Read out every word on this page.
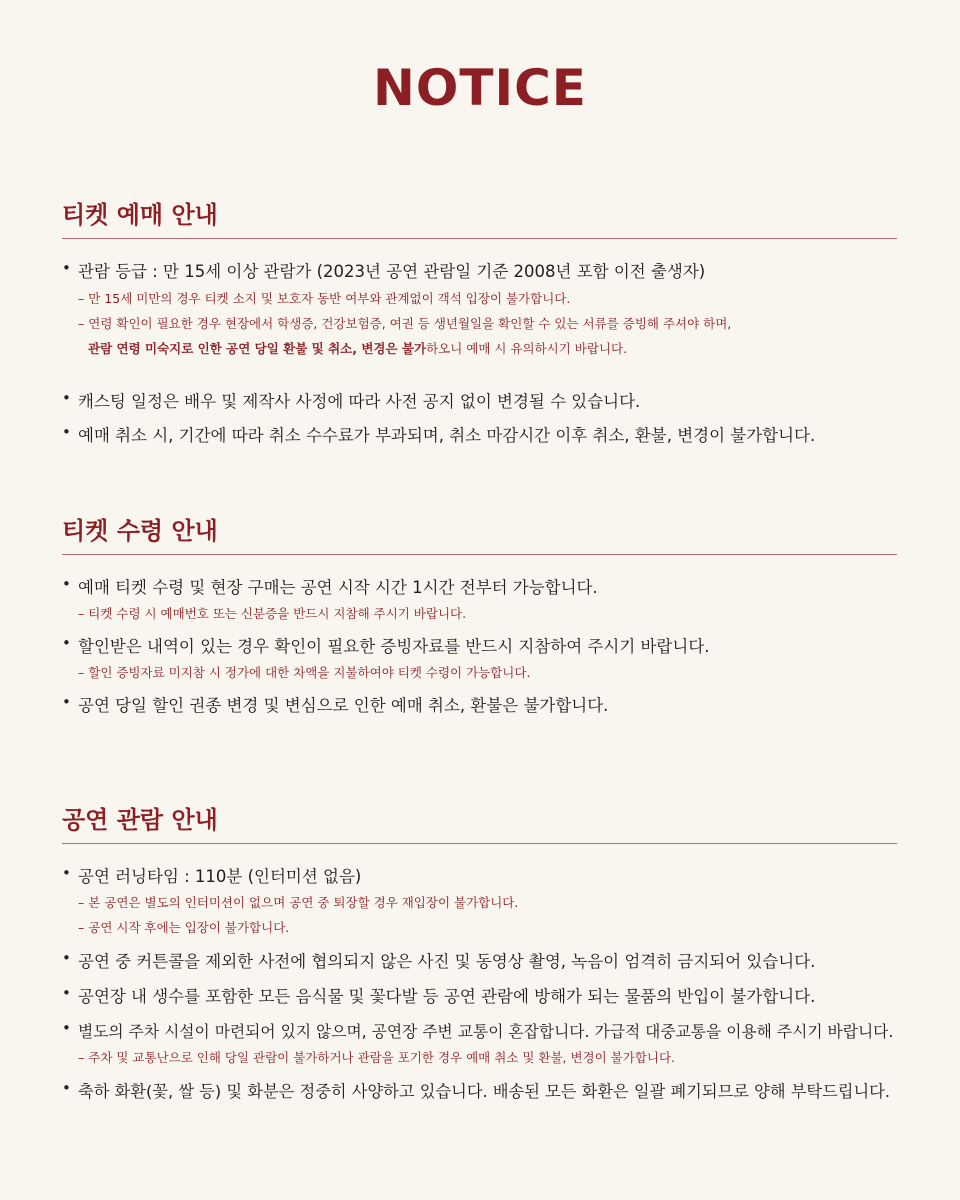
NOTICE
티켓 예매 안내
• 관람 등급 : 만 15세 이상 관람가 (2023년 공연 관람일 기준 2008년 포함 이전 출생자)
– 만 15세 미만의 경우 티켓 소지 및 보호자 동반 여부와 관계없이 객석 입장이 불가합니다.
– 연령 확인이 필요한 경우 현장에서 학생증, 건강보험증, 여권 등 생년월일을 확인할 수 있는 서류를 증빙해 주셔야 하며,
관람 연령 미숙지로 인한 공연 당일 환불 및 취소, 변경은 불가하오니 예매 시 유의하시기 바랍니다.
• 캐스팅 일정은 배우 및 제작사 사정에 따라 사전 공지 없이 변경될 수 있습니다.
• 예매 취소 시, 기간에 따라 취소 수수료가 부과되며, 취소 마감시간 이후 취소, 환불, 변경이 불가합니다.
티켓 수령 안내
• 예매 티켓 수령 및 현장 구매는 공연 시작 시간 1시간 전부터 가능합니다.
– 티켓 수령 시 예매번호 또는 신분증을 반드시 지참해 주시기 바랍니다.
• 할인받은 내역이 있는 경우 확인이 필요한 증빙자료를 반드시 지참하여 주시기 바랍니다.
– 할인 증빙자료 미지참 시 정가에 대한 차액을 지불하여야 티켓 수령이 가능합니다.
• 공연 당일 할인 권종 변경 및 변심으로 인한 예매 취소, 환불은 불가합니다.
공연 관람 안내
• 공연 러닝타임 : 110분 (인터미션 없음)
– 본 공연은 별도의 인터미션이 없으며 공연 중 퇴장할 경우 재입장이 불가합니다.
– 공연 시작 후에는 입장이 불가합니다.
• 공연 중 커튼콜을 제외한 사전에 협의되지 않은 사진 및 동영상 촬영, 녹음이 엄격히 금지되어 있습니다.
• 공연장 내 생수를 포함한 모든 음식물 및 꽃다발 등 공연 관람에 방해가 되는 물품의 반입이 불가합니다.
• 별도의 주차 시설이 마련되어 있지 않으며, 공연장 주변 교통이 혼잡합니다. 가급적 대중교통을 이용해 주시기 바랍니다.
– 주차 및 교통난으로 인해 당일 관람이 불가하거나 관람을 포기한 경우 예매 취소 및 환불, 변경이 불가합니다.
• 축하 화환(꽃, 쌀 등) 및 화분은 정중히 사양하고 있습니다. 배송된 모든 화환은 일괄 폐기되므로 양해 부탁드립니다.
